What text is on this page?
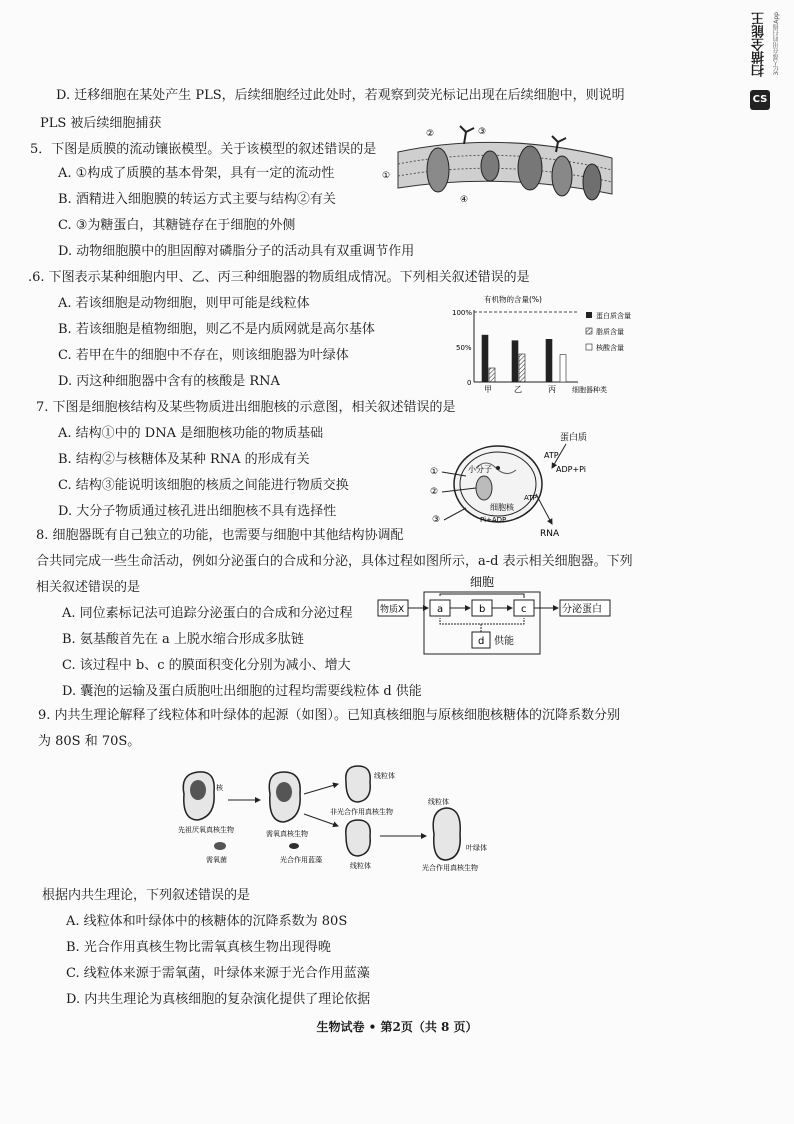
扫描全能王	3亿人都在用的扫描App
CS
D. 迁移细胞在某处产生 PLS，后续细胞经过此处时，若观察到荧光标记出现在后续细胞中，则说明
PLS 被后续细胞捕获
5．下图是质膜的流动镶嵌模型。关于该模型的叙述错误的是
A. ①构成了质膜的基本骨架，具有一定的流动性
B. 酒精进入细胞膜的转运方式主要与结构②有关
C. ③为糖蛋白，其糖链存在于细胞的外侧
D. 动物细胞膜中的胆固醇对磷脂分子的活动具有双重调节作用
.6. 下图表示某种细胞内甲、乙、丙三种细胞器的物质组成情况。下列相关叙述错误的是
A. 若该细胞是动物细胞，则甲可能是线粒体
B. 若该细胞是植物细胞，则乙不是内质网就是高尔基体
C. 若甲在牛的细胞中不存在，则该细胞器为叶绿体
D. 丙这种细胞器中含有的核酸是 RNA
7. 下图是细胞核结构及某些物质进出细胞核的示意图，相关叙述错误的是
A. 结构①中的 DNA 是细胞核功能的物质基础
B. 结构②与核糖体及某种 RNA 的形成有关
C. 结构③能说明该细胞的核质之间能进行物质交换
D. 大分子物质通过核孔进出细胞核不具有选择性
8. 细胞器既有自己独立的功能，也需要与细胞中其他结构协调配
合共同完成一些生命活动，例如分泌蛋白的合成和分泌，具体过程如图所示，a-d 表示相关细胞器。下列
相关叙述错误的是
A. 同位素标记法可追踪分泌蛋白的合成和分泌过程
B. 氨基酸首先在 a 上脱水缩合形成多肽链
C. 该过程中 b、c 的膜面积变化分别为减小、增大
D. 囊泡的运输及蛋白质胞吐出细胞的过程均需要线粒体 d 供能
9. 内共生理论解释了线粒体和叶绿体的起源（如图）。已知真核细胞与原核细胞核糖体的沉降系数分别
为 80S 和 70S。
根据内共生理论，下列叙述错误的是
A. 线粒体和叶绿体中的核糖体的沉降系数为 80S
B. 光合作用真核生物比需氧真核生物出现得晚
C. 线粒体来源于需氧菌，叶绿体来源于光合作用蓝藻
D. 内共生理论为真核细胞的复杂演化提供了理论依据
②	③
①
④
有机物的含量(%)
100%
50%
0
甲	乙	丙 细胞器种类
蛋白质含量
脂质含量
核酸含量
小分子
细胞核
Pi+ADP
蛋白质
ATP
ADP+Pi
ATP
RNA
①
②
③
细胞
物质X	a	b	c
d 供能
分泌蛋白
核
先祖厌氧真核生物
需氧菌
需氧真核生物
光合作用蓝藻
线粒体
非光合作用真核生物
线粒体
线粒体
叶绿体
光合作用真核生物
生物试卷 • 第2页（共 8 页）
